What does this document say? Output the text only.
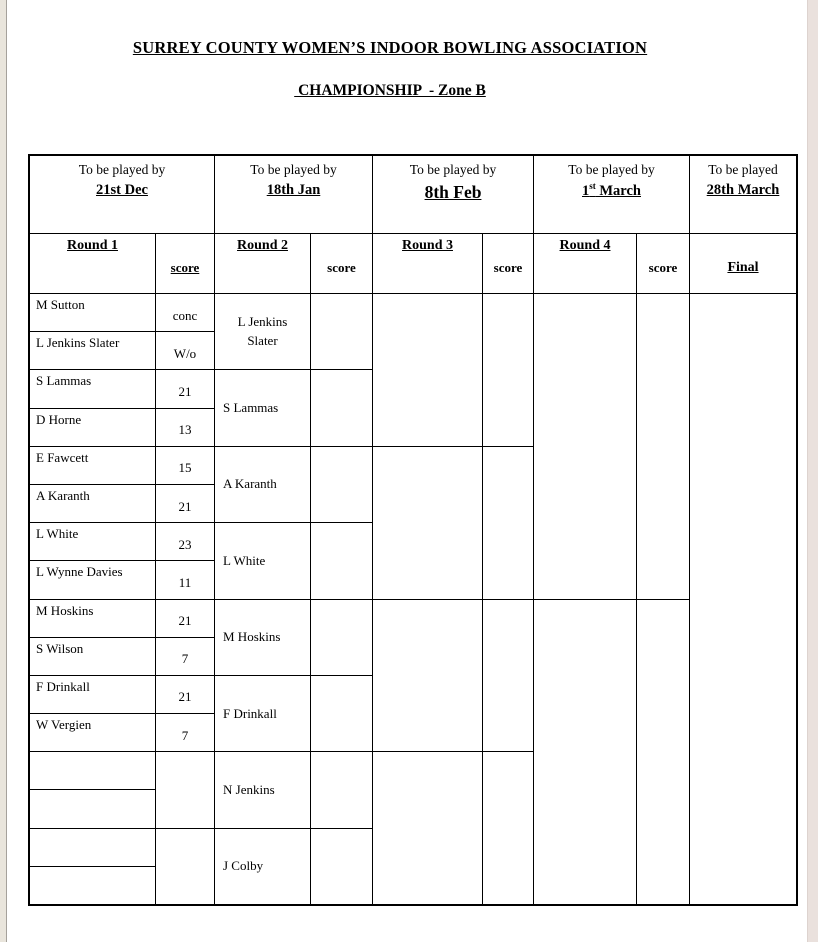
SURREY COUNTY WOMEN’S INDOOR BOWLING ASSOCIATION
CHAMPIONSHIP  - Zone B
To be played by
21st Dec
To be played by
18th Jan
To be played by
8th Feb
To be played by
1st March
To be played
28th March
Round 1
score
Round 2
score
Round 3
score
Round 4
score	Final
M Sutton
L Jenkins Slater
S Lammas
D Horne
E Fawcett
A Karanth
L White
L Wynne Davies
M Hoskins
S Wilson
F Drinkall
W Vergien
conc
W/o
21
13
15
21
23
11
21
7
21
7
L Jenkins Slater
S Lammas
A Karanth
L White
M Hoskins
F Drinkall
N Jenkins
J Colby
